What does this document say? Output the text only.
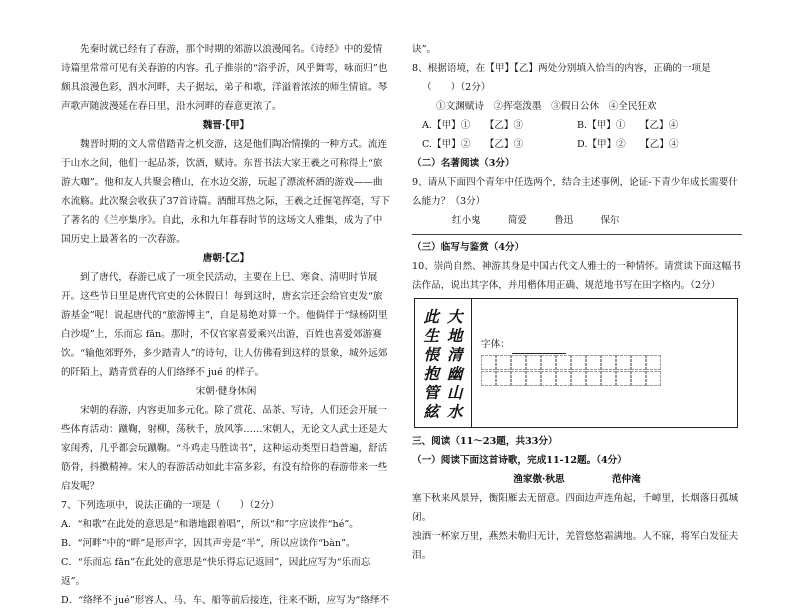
先秦时就已经有了春游，那个时期的郊游以浪漫闻名。《诗经》中的爱情诗篇里常常可见有关春游的内容。孔子推崇的“浴乎沂，风乎舞雩，咏而归”也颇具浪漫色彩，泗水河畔，夫子据坛，弟子和歌，洋溢着浓浓的师生情谊。琴声歌声随波漫延在春日里，沿水河畔的春意更浓了。

魏晋·【甲】

魏晋时期的文人常借踏青之机交游，这是他们陶冶情操的一种方式。流连于山水之间，他们一起品茶，饮酒，赋诗。东晋书法大家王羲之可称得上“旅游大咖”。他和友人共聚会稽山，在水边交游，玩起了漂流杯酒的游戏——曲水流觞。此次聚会收获了37首诗篇。酒酣耳热之际，王羲之迁握笔挥毫，写下了著名的《兰亭集序》。自此，永和九年暮春时节的这场文人雅集，成为了中国历史上最著名的一次春游。

唐朝·【乙】

到了唐代，春游已成了一项全民活动，主要在上巳、寒食、清明时节展开。这些节日里是唐代官吏的公休假日！每到这时，唐玄宗还会给官吏发“旅游基金”呢！说起唐代的“旅游博主”，自是易绝对算一个。他倘佯于“绿杨阴里白沙堤”上，乐而忘 fǎn。那时，不仅官家喜爱乘兴出游，百姓也喜爱郊游赛饮。“输他郊野外，多少踏青人”的诗句，让人仿佛看到这样的景象，城外远郊的阡陌上，踏青赏春的人们络绎不 jué 的样子。

宋朝·健身休闲

宋朝的春游，内容更加多元化。除了赏花、品茶、写诗，人们还会开展一些体育活动：蹴鞠，射柳，荡秋千，放风筝……宋朝人，无论文人武士还是大家闺秀，几乎都会玩蹴鞠。“斗鸡走马胜读书”，这种运动类型日趋普遍，舒活筋骨，抖擞精神。宋人的春游活动如此丰富多彩，有没有给你的春游带来一些启发呢？

7、下列选项中，说法正确的一项是（　　）（2分）

A．“和歌”在此处的意思是“和谐地跟着唱”，所以“和”字应读作“hé”。

B．“河畔”中的“畔”是形声字，因其声旁是“半”，所以应读作“bàn”。

C．“乐而忘 fǎn”在此处的意思是“快乐得忘记返回”，因此应写为“乐而忘返”。

D．“络绎不 jué”形容人、马、车、船等前后接连，往来不断，应写为“络绎不

诀”。

8、根据语境，在【甲】【乙】两处分别填入恰当的内容，正确的一项是

（　　）（2分）

①文渊赋诗　②挥毫泼墨　③假日公休　④全民狂欢

A.【甲】①　　【乙】③	B.【甲】①　　【乙】④
C.【甲】②　　【乙】③	D.【甲】②　　【乙】④

（二）名著阅读（3分）

9、请从下面四个青年中任选两个，结合主述事例，论证-下青少年成长需要什么能力？（3分）

红小鬼	简爱	鲁迅	保尔

（三）临写与鉴赏（4分）

10、崇尚自然、神游其身是中国古代文人雅士的一种情怀。请赏读下面这幅书法作品，说出其字体，并用楷体用正确、规范地书写在田字格内。（2分）

此
生
悵
抱
管
絃
大
地
清
幽
山
水
字体：

三、阅读（11～23题，共33分）

（一）阅读下面这首诗歌，完成11-12题。（4分）

渔家傲·秋思	范仲淹

塞下秋来风景异，衡阳雁去无留意。四面边声连角起，千嶂里，长烟落日孤城闭。

浊酒一杯家万里，燕然未勒归无计，羌管悠悠霜满地。人不寐，将军白发征夫泪。
